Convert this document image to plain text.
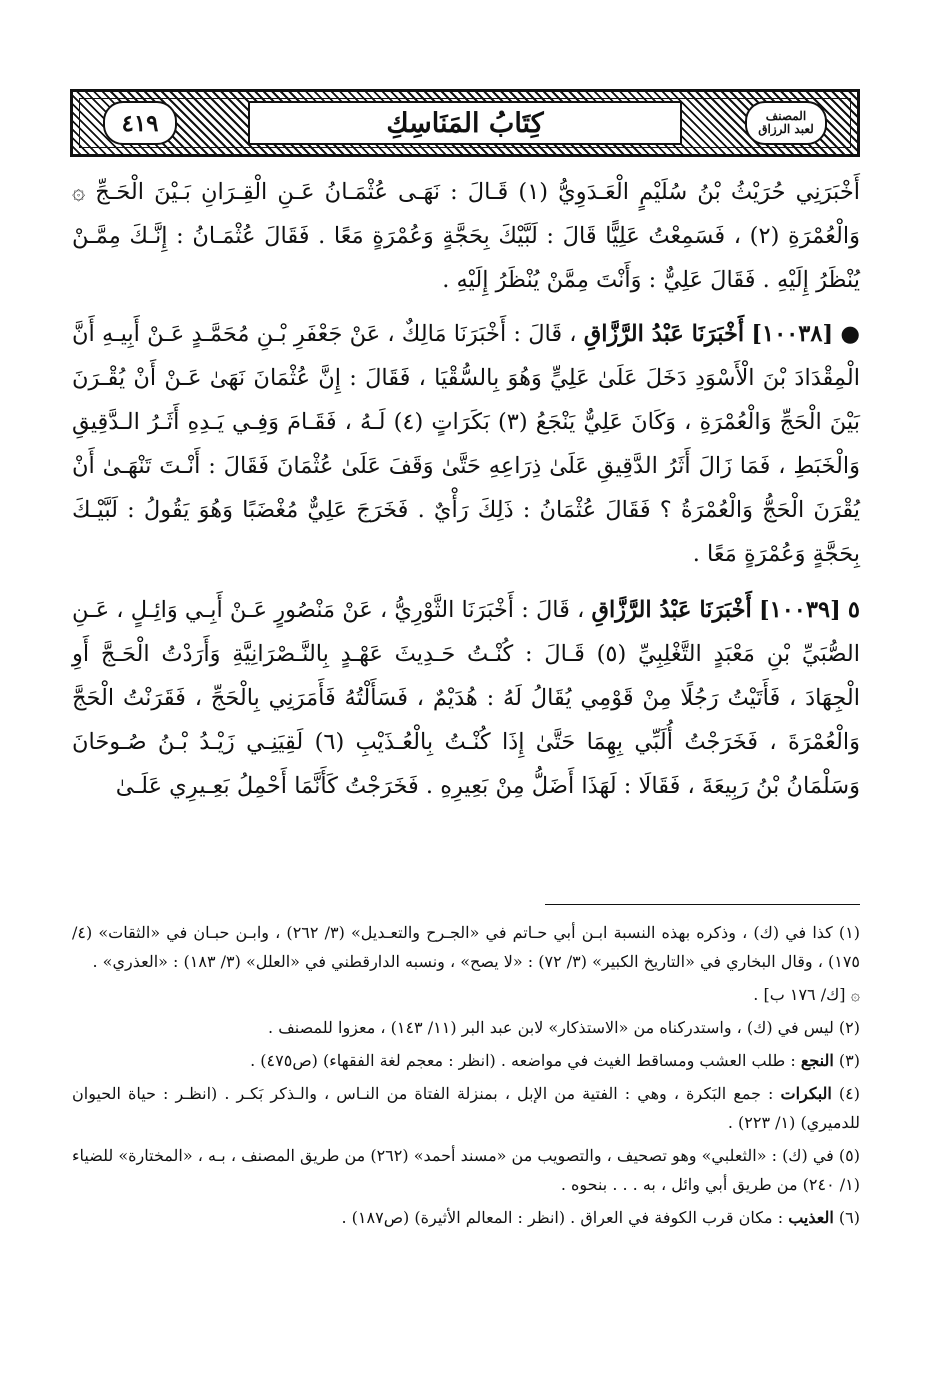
٤١٩	كِتَابُ المَنَاسِكِ	المصنف
لعبد الرزاق

أَخْبَرَنِي حُرَيْثُ بْنُ سُلَيْمٍ الْعَـدَوِيُّ (١) قَـالَ : نَهَـى عُثْمَـانُ عَـنِ الْقِـرَانِ بَـيْنَ الْحَـجِّ ۞ وَالْعُمْرَةِ (٢) ، فَسَمِعْتُ عَلِيًّا قَالَ : لَبَّيْكَ بِحَجَّةٍ وَعُمْرَةٍ مَعًا . فَقَالَ عُثْمَـانُ : إِنَّـكَ مِمَّـنْ يُنْظَرُ إِلَيْهِ . فَقَالَ عَلِيٌّ : وَأَنْتَ مِمَّنْ يُنْظَرُ إِلَيْهِ .

● [١٠٠٣٨] أَخْبَرَنَا عَبْدُ الرَّزَّاقِ ، قَالَ : أَخْبَرَنَا مَالِكٌ ، عَنْ جَعْفَرِ بْـنِ مُحَمَّـدٍ عَـنْ أَبِيـهِ أَنَّ الْمِقْدَادَ بْنَ الْأَسْوَدِ دَخَلَ عَلَىٰ عَلِيٍّ وَهُوَ بِالسُّقْيَا ، فَقَالَ : إِنَّ عُثْمَانَ نَهَىٰ عَـنْ أَنْ يُقْـرَنَ بَيْنَ الْحَجِّ وَالْعُمْرَةِ ، وَكَانَ عَلِيٌّ يَنْجَعُ (٣) بَكَرَاتٍ (٤) لَـهُ ، فَقَـامَ وَفِـي يَـدِهِ أَثَـرُ الـدَّقِيقِ وَالْخَبَطِ ، فَمَا زَالَ أَثَرُ الدَّقِيقِ عَلَىٰ ذِرَاعِهِ حَتَّىٰ وَقَفَ عَلَىٰ عُثْمَانَ فَقَالَ : أَنْـتَ تَنْهَـىٰ أَنْ يُقْرَنَ الْحَجُّ وَالْعُمْرَةُ ؟ فَقَالَ عُثْمَانُ : ذَلِكَ رَأْيٌ . فَخَرَجَ عَلِيٌّ مُغْضَبًا وَهُوَ يَقُولُ : لَبَّيْـكَ بِحَجَّةٍ وَعُمْرَةٍ مَعًا .

٥ [١٠٠٣٩] أَخْبَرَنَا عَبْدُ الرَّزَّاقِ ، قَالَ : أَخْبَرَنَا الثَّوْرِيُّ ، عَنْ مَنْصُورٍ عَـنْ أَبِـي وَائِـلٍ ، عَـنِ الصُّبَيِّ بْنِ مَعْبَدٍ التَّغْلِبِيِّ (٥) قَـالَ : كُنْـتُ حَـدِيثَ عَهْـدٍ بِالنَّـصْرَانِيَّةِ وَأَرَدْتُ الْحَـجَّ أَوِ الْجِهَادَ ، فَأَتَيْتُ رَجُلًا مِنْ قَوْمِي يُقَالُ لَهُ : هُدَيْمٌ ، فَسَأَلْتُهُ فَأَمَرَنِي بِالْحَجِّ ، فَقَرَنْتُ الْحَجَّ وَالْعُمْرَةَ ، فَخَرَجْتُ أُلَبِّي بِهِمَا حَتَّىٰ إِذَا كُنْـتُ بِالْعُـذَيْبِ (٦) لَقِيَنِـي زَيْـدُ بْـنُ صُـوحَانَ وَسَلْمَانُ بْنُ رَبِيعَةَ ، فَقَالَا : لَهَذَا أَضَلُّ مِنْ بَعِيرِهِ . فَخَرَجْتُ كَأَنَّمَا أَحْمِلُ بَعِـيرِي عَلَـىٰ

(١) كذا في (ك) ، وذكره بهذه النسبة ابـن أبي حـاتم في «الجـرح والتعـديل» (٣/ ٢٦٢) ، وابـن حبـان في «الثقات» (٤/ ١٧٥) ، وقال البخاري في «التاريخ الكبير» (٣/ ٧٢) : «لا يصح» ، ونسبه الدارقطني في «العلل» (٣/ ١٨٣) : «العذري» .

۞ [ك/ ١٧٦ ب] .

(٢) ليس في (ك) ، واستدركناه من «الاستذكار» لابن عبد البر (١١/ ١٤٣) ، معزوا للمصنف .

(٣) النجع : طلب العشب ومساقط الغيث في مواضعه . (انظر : معجم لغة الفقهاء) (ص٤٧٥) .

(٤) البكرات : جمع البَكرة ، وهي : الفتية من الإبل ، بمنزلة الفتاة من النـاس ، والـذكر بَكـر . (انظـر : حياة الحيوان للدميري) (١/ ٢٢٣) .

(٥) في (ك) : «الثعلبي» وهو تصحيف ، والتصويب من «مسند أحمد» (٢٦٢) من طريق المصنف ، بـه ، «المختارة» للضياء (١/ ٢٤٠) من طريق أبي وائل ، به . . . بنحوه .

(٦) العذيب : مكان قرب الكوفة في العراق . (انظر : المعالم الأثيرة) (ص١٨٧) .
